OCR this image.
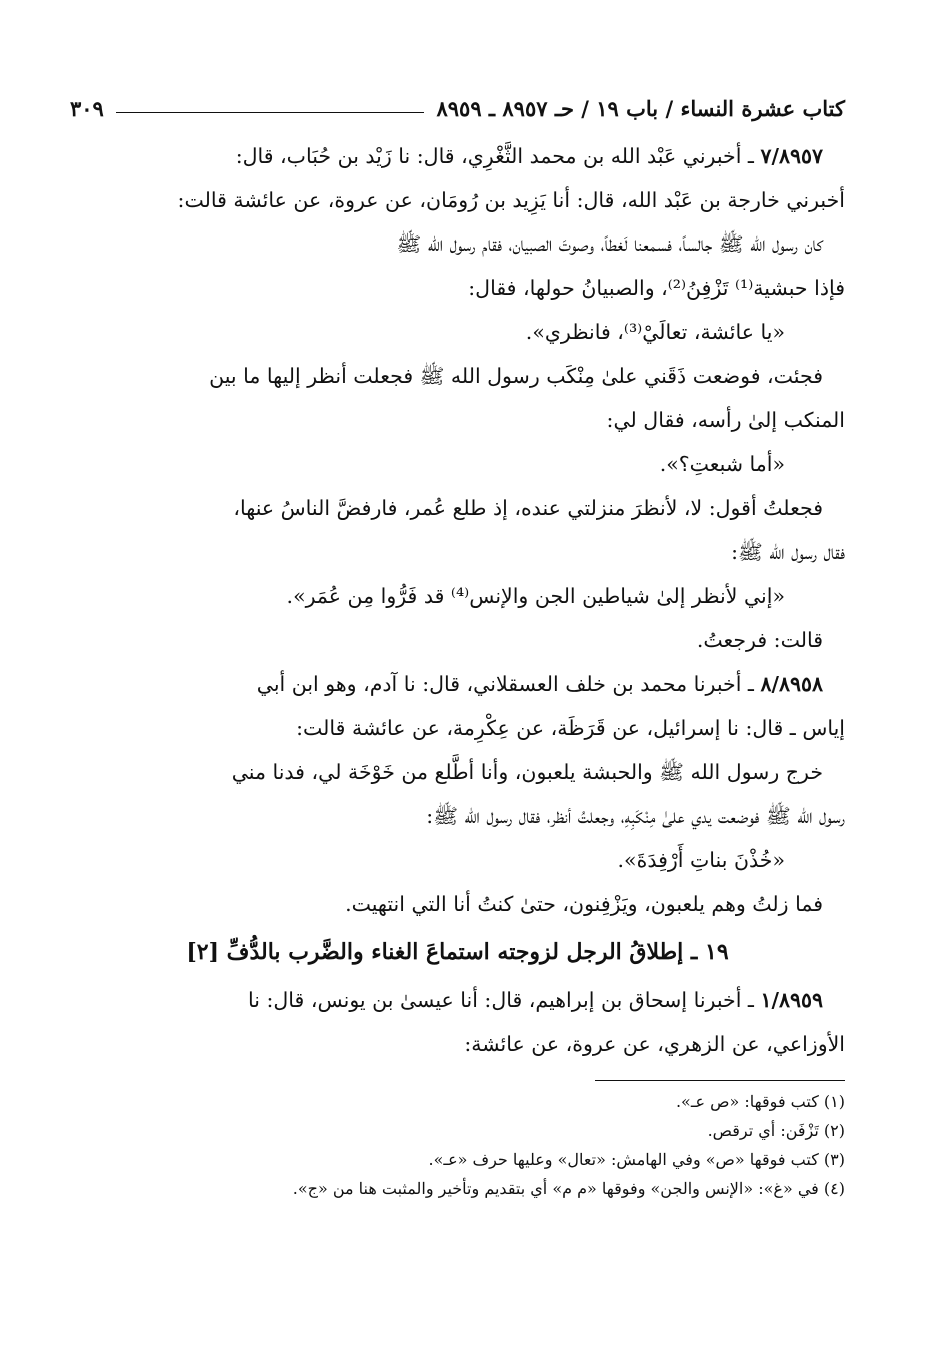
كتاب عشرة النساء / باب ١٩ / حـ ٨٩٥٧ ـ ٨٩٥٩
٣٠٩

٧/٨٩٥٧ ـ أخبرني عَبْد الله بن محمد الثَّغْرِي، قال: نا زَيْد بن حُبَاب، قال:

أخبرني خارجة بن عَبْد الله، قال: أنا يَزِيد بن رُومَان، عن عروة، عن عائشة قالت:

كان رسول الله ﷺ جالساً، فسمعنا لَغطاً، وصوتَ الصبيان، فقام رسول الله ﷺ

فإذا حبشية⁽¹⁾ تَزْفِنُ⁽²⁾، والصبيانُ حولها، فقال:

«يا عائشة، تعالَيْ⁽³⁾، فانظري».

فجئت، فوضعت ذَقَني علىٰ مِنْكَب رسول الله ﷺ فجعلت أنظر إليها ما بين

المنكب إلىٰ رأسه، فقال لي:

«أما شبعتِ؟».

فجعلتُ أقول: لا، لأنظرَ منزلتي عنده، إذ طلع عُمر، فارفضَّ الناسُ عنها،

فقال رسول الله ﷺ:

«إني لأنظر إلىٰ شياطين الجن والإنس⁽⁴⁾ قد فَرُّوا مِن عُمَر».

قالت: فرجعتُ.

٨/٨٩٥٨ ـ أخبرنا محمد بن خلف العسقلاني، قال: نا آدم، وهو ابن أبي

إياس ـ قال: نا إسرائيل، عن قَرَظَة، عن عِكْرِمة، عن عائشة قالت:

خرج رسول الله ﷺ والحبشة يلعبون، وأنا أطَّلع من خَوْخَة لي، فدنا مني

رسول الله ﷺ فوضعت يدي علىٰ مِنْكَبِهِ، وجعلتُ أنظر، فقال رسول الله ﷺ:

«خُذْنَ بناتِ أَرْفِدَةَ».

فما زلتُ وهم يلعبون، ويَزْفِنون، حتىٰ كنتُ أنا التي انتهيت.

١٩ ـ إطلاقُ الرجل لزوجته استماعَ الغناء والضَّرب بالدُّفِّ [٢]

١/٨٩٥٩ ـ أخبرنا إسحاق بن إبراهيم، قال: أنا عيسىٰ بن يونس، قال: نا

الأوزاعي، عن الزهري، عن عروة، عن عائشة:

(١) كتب فوقها: «ص عـ».
(٢) تَزْفَن: أي ترقص.
(٣) كتب فوقها «ص» وفي الهامش: «تعال» وعليها حرف «عـ».
(٤) في «غ»: «الإنس والجن» وفوقها «م م» أي بتقديم وتأخير والمثبت هنا من «ج».
